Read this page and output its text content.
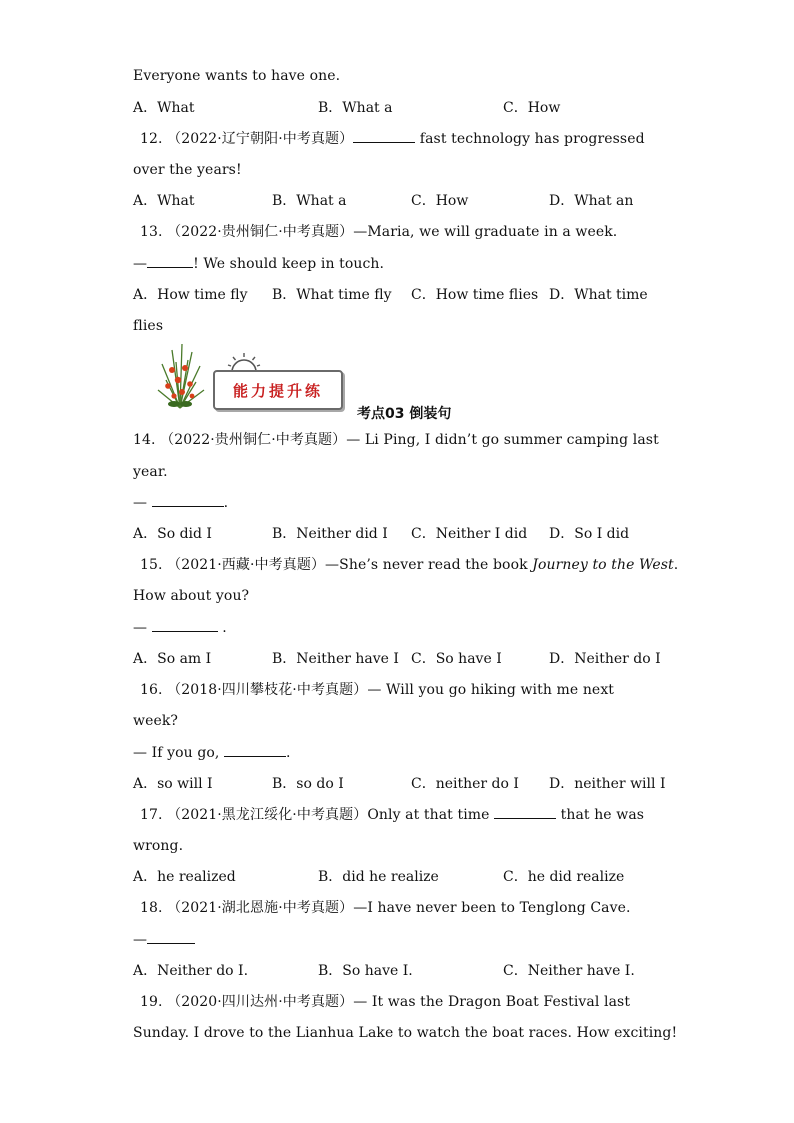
Everyone wants to have one.
A．What	B．What a	C．How
12. （2022·辽宁朝阳·中考真题）	fast technology has progressed
over the years!
A．What	B．What a	C．How	D．What an
13. （2022·贵州铜仁·中考真题）—Maria, we will graduate in a week.
—	! We should keep in touch.
A．How time fly B．What time fly C．How time flies D．What time
flies
能力提升练
考点03 倒装句
14. （2022·贵州铜仁·中考真题）— Li Ping, I didn’t go summer camping last
year.
—	.
A．So did I	B．Neither did I C．Neither I did D．So I did
15. （2021·西藏·中考真题）—She’s never read the book Journey to the West.
How about you?
—	.
A．So am I	B．Neither have I C．So have I	D．Neither do I
16. （2018·四川攀枝花·中考真题）— Will you go hiking with me next
week?
— If you go,	.
A．so will I	B．so do I	C．neither do I D．neither will I
17. （2021·黑龙江绥化·中考真题）Only at that time	that he was
wrong.
A．he realized	B．did he realize	C．he did realize
18. （2021·湖北恩施·中考真题）—I have never been to Tenglong Cave.
—
A．Neither do I.	B．So have I.	C．Neither have I.
19. （2020·四川达州·中考真题）— It was the Dragon Boat Festival last
Sunday. I drove to the Lianhua Lake to watch the boat races. How exciting!
